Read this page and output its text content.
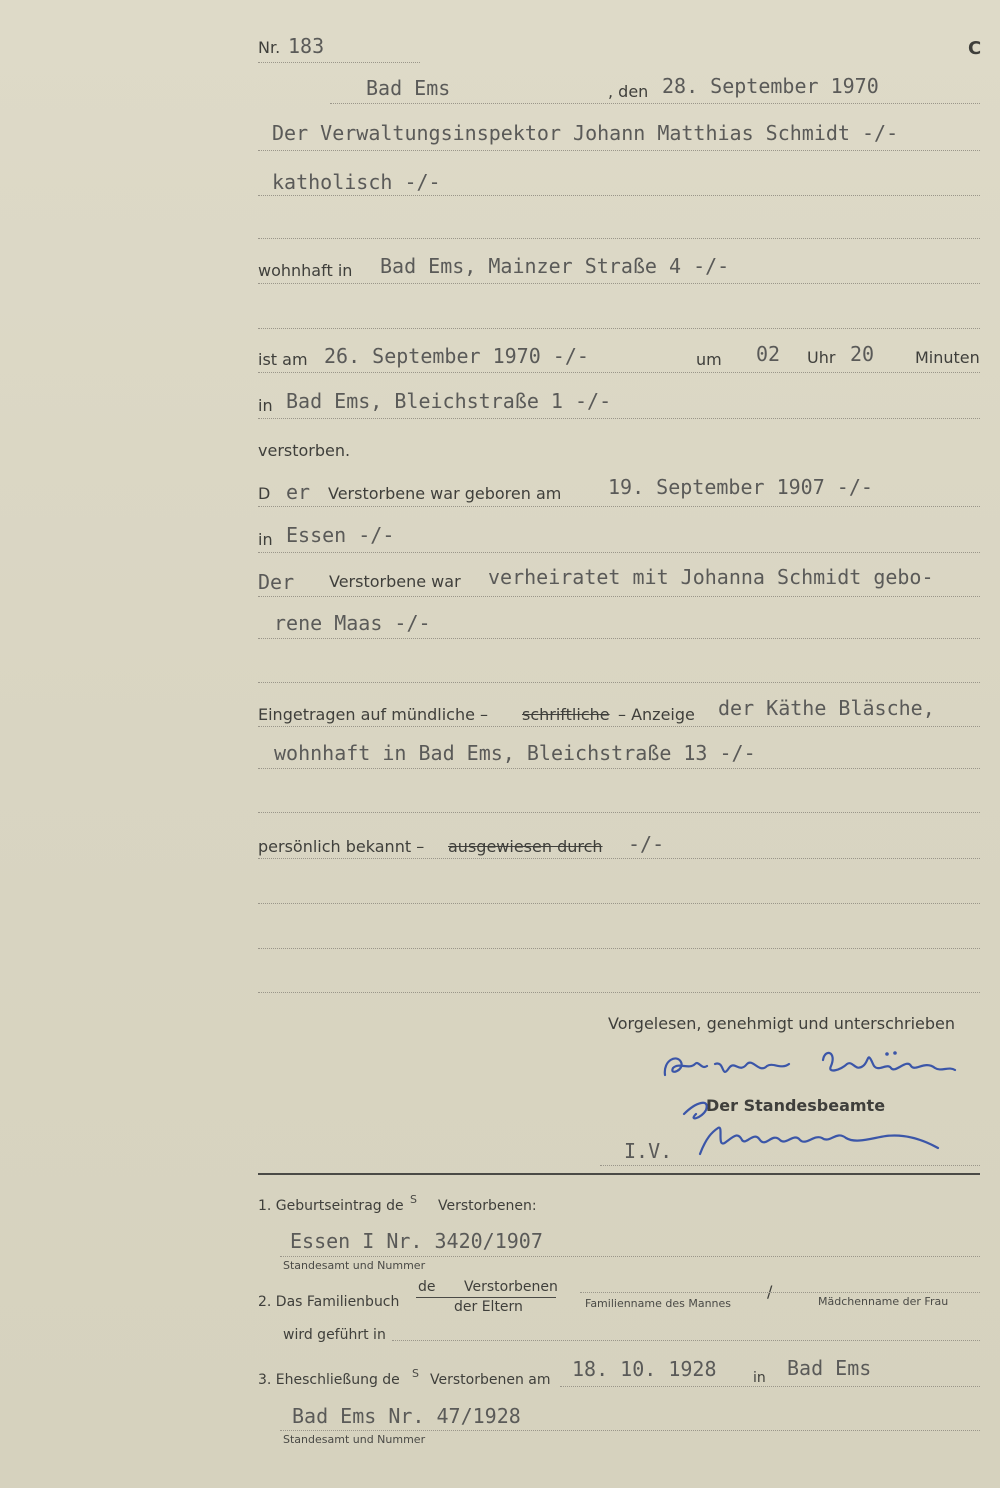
Nr. 183	C
Bad Ems	, den 28. September 1970
Der Verwaltungsinspektor Johann Matthias Schmidt -/-
katholisch -/-
wohnhaft in Bad Ems, Mainzer Straße 4 -/-
ist am 26. September 1970 -/-	um 02 Uhr 20	Minuten
in Bad Ems, Bleichstraße 1 -/-
verstorben.
D er Verstorbene war geboren am 19. September 1907 -/-
in Essen -/-
Der Verstorbene war verheiratet mit Johanna Schmidt gebo-
rene Maas -/-
Eingetragen auf mündliche – schriftliche – Anzeige der Käthe Bläsche,
wohnhaft in Bad Ems, Bleichstraße 13 -/-
persönlich bekannt – ausgewiesen durch -/-
Vorgelesen, genehmigt und unterschrieben
Der Standesbeamte
I.V.
1. Geburtseintrag de S Verstorbenen:
Essen I Nr. 3420/1907
Standesamt und Nummer
2. Das Familienbuch
de Verstorbenen
der Eltern	Familienname des Mannes
/
Mädchenname der Frau
wird geführt in
3. Eheschließung de S Verstorbenen am 18. 10. 1928	in Bad Ems
Bad Ems Nr. 47/1928
Standesamt und Nummer
